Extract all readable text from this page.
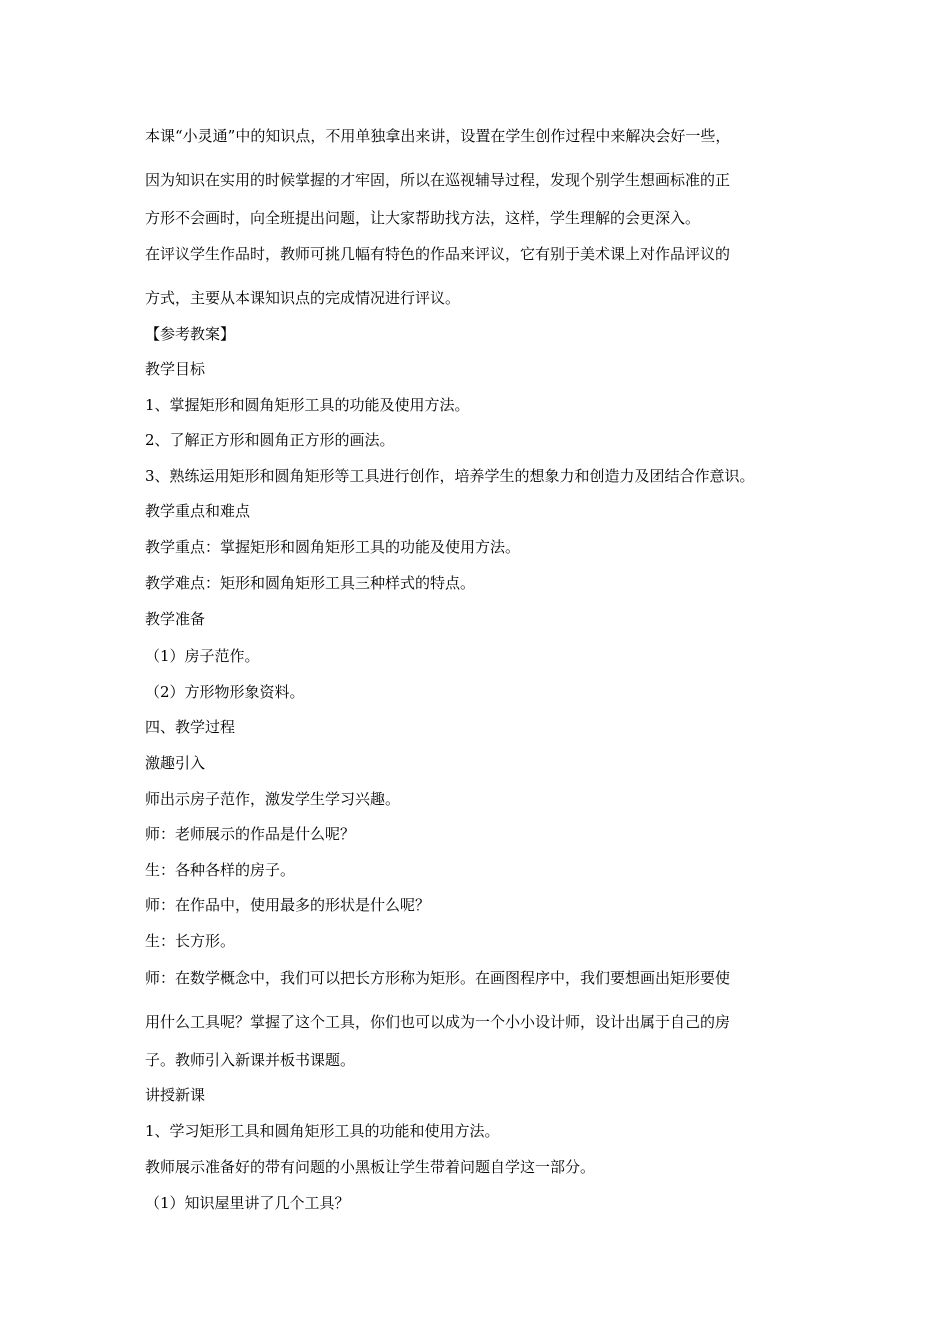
本课“小灵通”中的知识点，不用单独拿出来讲，设置在学生创作过程中来解决会好一些，

因为知识在实用的时候掌握的才牢固，所以在巡视辅导过程，发现个别学生想画标准的正

方形不会画时，向全班提出问题，让大家帮助找方法，这样，学生理解的会更深入。

在评议学生作品时，教师可挑几幅有特色的作品来评议，它有别于美术课上对作品评议的

方式，主要从本课知识点的完成情况进行评议。

【参考教案】

教学目标

1、掌握矩形和圆角矩形工具的功能及使用方法。

2、了解正方形和圆角正方形的画法。

3、熟练运用矩形和圆角矩形等工具进行创作，培养学生的想象力和创造力及团结合作意识。

教学重点和难点

教学重点：掌握矩形和圆角矩形工具的功能及使用方法。

教学难点：矩形和圆角矩形工具三种样式的特点。

教学准备

（1）房子范作。

（2）方形物形象资料。

四、教学过程

激趣引入

师出示房子范作，激发学生学习兴趣。

师：老师展示的作品是什么呢？

生：各种各样的房子。

师：在作品中，使用最多的形状是什么呢？

生：长方形。

师：在数学概念中，我们可以把长方形称为矩形。在画图程序中，我们要想画出矩形要使

用什么工具呢？掌握了这个工具，你们也可以成为一个小小设计师，设计出属于自己的房

子。教师引入新课并板书课题。

讲授新课

1、学习矩形工具和圆角矩形工具的功能和使用方法。

教师展示准备好的带有问题的小黑板让学生带着问题自学这一部分。

（1）知识屋里讲了几个工具？
